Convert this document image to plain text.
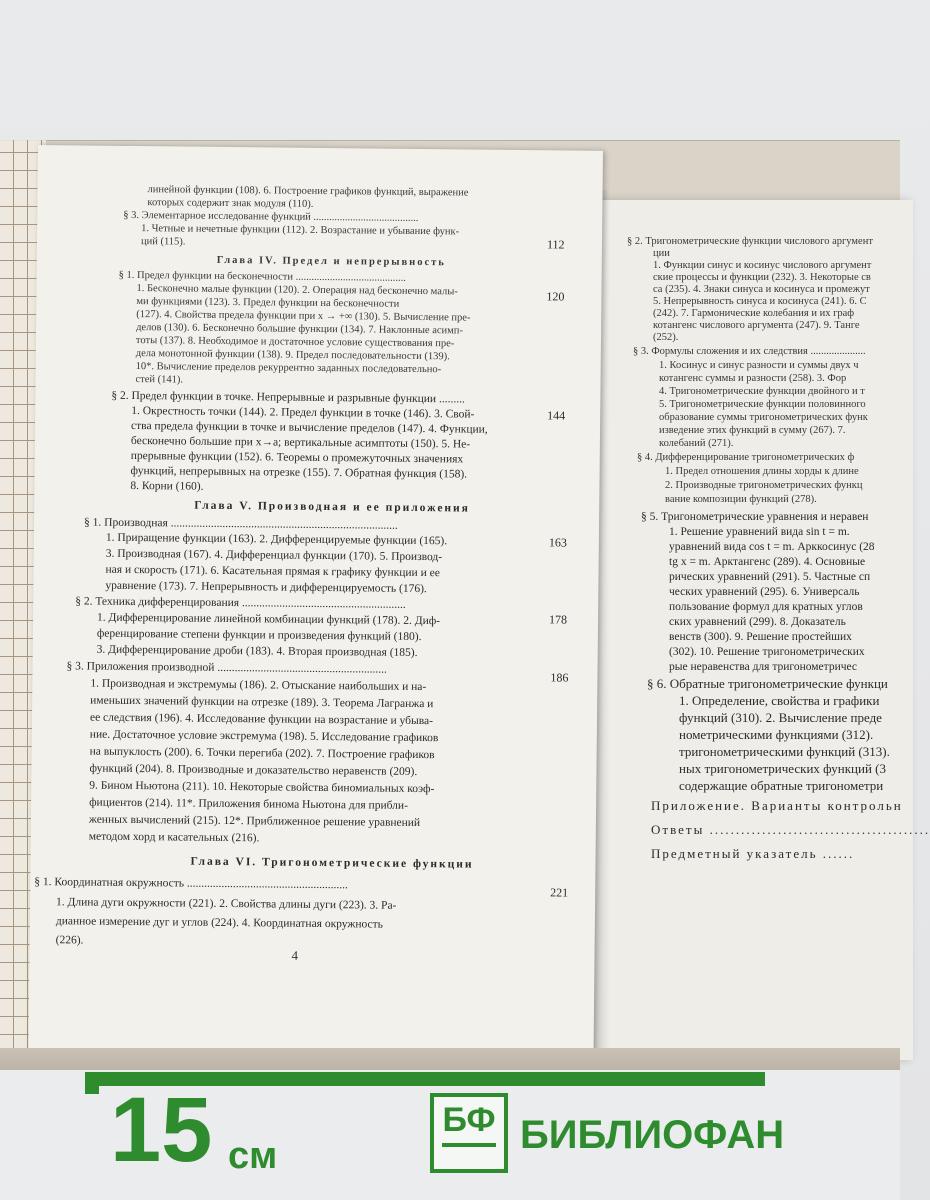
§ 2. Тригонометрические функции числового аргумент
ции
1. Функции синус и косинус числового аргумент
ские процессы и функции (232). 3. Некоторые св
са (235). 4. Знаки синуса и косинуса и промежут
5. Непрерывность синуса и косинуса (241). 6. С
(242). 7. Гармонические колебания и их граф
котангенс числового аргумента (247). 9. Танге
(252).
§ 3. Формулы сложения и их следствия .....................
1. Косинус и синус разности и суммы двух ч
котангенс суммы и разности (258). 3. Фор
4. Тригонометрические функции двойного и т
5. Тригонометрические функции половинного
образование суммы тригонометрических функ
изведение этих функций в сумму (267). 7.
колебаний (271).
§ 4. Дифференцирование тригонометрических ф
1. Предел отношения длины хорды к длине
2. Производные тригонометрических функц
вание композиции функций (278).
§ 5. Тригонометрические уравнения и неравен
1. Решение уравнений вида sin t = m.
уравнений вида cos t = m. Арккосинус (28
tg x = m. Арктангенс (289). 4. Основные
рических уравнений (291). 5. Частные сп
ческих уравнений (295). 6. Универсаль
пользование формул для кратных углов
ских уравнений (299). 8. Доказатель
венств (300). 9. Решение простейших
(302). 10. Решение тригонометрических
рые неравенства для тригонометричес
§ 6. Обратные тригонометрические функци
1. Определение, свойства и графики
функций (310). 2. Вычисление преде
нометрическими функциями (312).
тригонометрическими функций (313).
ных тригонометрических функций (3
содержащие обратные тригонометри
Приложение. Варианты контрольн
Ответы ..........................................
Предметный указатель ......
линейной функции (108). 6. Построение графиков функций, выражение
которых содержит знак модуля (110).
§ 3. Элементарное исследование функций ........................................
1. Четные и нечетные функции (112). 2. Возрастание и убывание функ-
ций (115).	112
Глава IV. Предел и непрерывность
§ 1. Предел функции на бесконечности ..........................................
1. Бесконечно малые функции (120). 2. Операция над бесконечно малы-
ми функциями (123). 3. Предел функции на бесконечности	120
(127). 4. Свойства предела функции при x → +∞ (130). 5. Вычисление пре-
делов (130). 6. Бесконечно большие функции (134). 7. Наклонные асимп-
тоты (137). 8. Необходимое и достаточное условие существования пре-
дела монотонной функции (138). 9. Предел последовательности (139).
10*. Вычисление пределов рекуррентно заданных последовательно-
стей (141).
§ 2. Предел функции в точке. Непрерывные и разрывные функции .........
144
1. Окрестность точки (144). 2. Предел функции в точке (146). 3. Свой-
ства предела функции в точке и вычисление пределов (147). 4. Функции,
бесконечно большие при x→a; вертикальные асимптоты (150). 5. Не-
прерывные функции (152). 6. Теоремы о промежуточных значениях
функций, непрерывных на отрезке (155). 7. Обратная функция (158).
8. Корни (160).
Глава V. Производная и ее приложения
§ 1. Производная ...............................................................................
163
1. Приращение функции (163). 2. Дифференцируемые функции (165).
3. Производная (167). 4. Дифференциал функции (170). 5. Производ-
ная и скорость (171). 6. Касательная прямая к графику функции и ее
уравнение (173). 7. Непрерывность и дифференцируемость (176).
§ 2. Техника дифференцирования .........................................................
178
1. Дифференцирование линейной комбинации функций (178). 2. Диф-
ференцирование степени функции и произведения функций (180).
3. Дифференцирование дроби (183). 4. Вторая производная (185).
§ 3. Приложения производной ...........................................................
186
1. Производная и экстремумы (186). 2. Отыскание наибольших и на-
именьших значений функции на отрезке (189). 3. Теорема Лагранжа и
ее следствия (196). 4. Исследование функции на возрастание и убыва-
ние. Достаточное условие экстремума (198). 5. Исследование графиков
на выпуклость (200). 6. Точки перегиба (202). 7. Построение графиков
функций (204). 8. Производные и доказательство неравенств (209).
9. Бином Ньютона (211). 10. Некоторые свойства биномиальных коэф-
фициентов (214). 11*. Приложения бинома Ньютона для прибли-
женных вычислений (215). 12*. Приближенное решение уравнений
методом хорд и касательных (216).
Глава VI. Тригонометрические функции
§ 1. Координатная окружность ........................................................
221
1. Длина дуги окружности (221). 2. Свойства длины дуги (223). 3. Ра-
дианное измерение дуг и углов (224). 4. Координатная окружность
(226).
4
15 см
БФ БИБЛИОФАН
